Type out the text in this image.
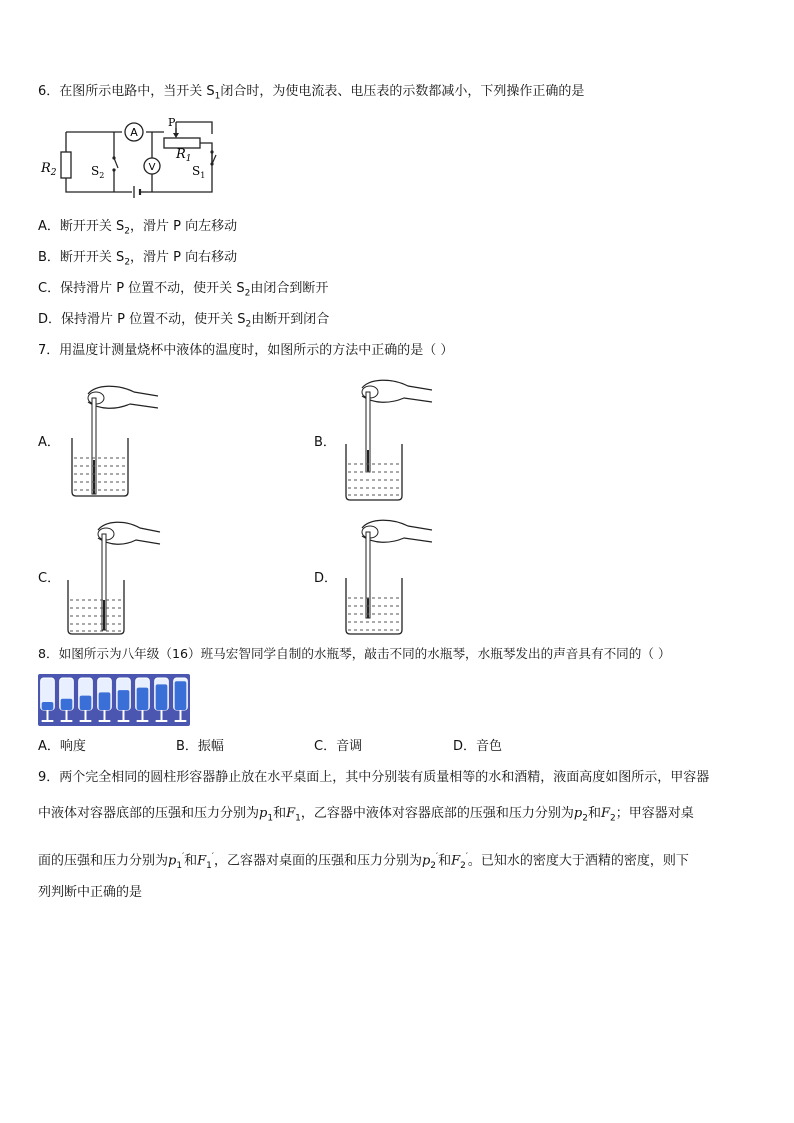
6．在图所示电路中，当开关 $S_1$闭合时，为使电流表、电压表的示数都减小，下列操作正确的是
A
V
$R_2$	$S_2$
P
$R_1$
$S_1$
A．断开开关 $S_2$，滑片 P 向左移动
B．断开开关 $S_2$，滑片 P 向右移动
C．保持滑片 P 位置不动，使开关 $S_2$由闭合到断开
D．保持滑片 P 位置不动，使开关 $S_2$由断开到闭合
7．用温度计测量烧杯中液体的温度时，如图所示的方法中正确的是（ ）
A．	B．
C．	D．
8．如图所示为八年级（16）班马宏智同学自制的水瓶琴，敲击不同的水瓶琴，水瓶琴发出的声音具有不同的（ ）
A．响度	B．振幅	C．音调	D．音色
9．两个完全相同的圆柱形容器静止放在水平桌面上，其中分别装有质量相等的水和酒精，液面高度如图所示，甲容器
中液体对容器底部的压强和压力分别为$p_1$和$F_1$，乙容器中液体对容器底部的压强和压力分别为$p_2$和$F_2$；甲容器对桌
面的压强和压力分别为$p_1'$和$F_1'$，乙容器对桌面的压强和压力分别为$p_2'$和$F_2'$。已知水的密度大于酒精的密度，则下
列判断中正确的是
